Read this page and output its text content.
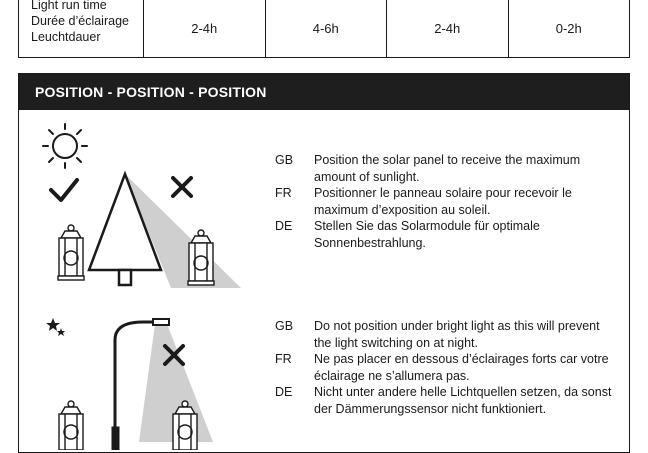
Light run time
Durée d’éclairage
Leuchtdauer
2-4h	4-6h	2-4h	0-2h
POSITION - POSITION - POSITION
GB	Position the solar panel to receive the maximum amount of sunlight.
FR	Positionner le panneau solaire pour recevoir le maximum d’exposition au soleil.
DE	Stellen Sie das Solarmodule für optimale Sonnenbestrahlung.
GB	Do not position under bright light as this will prevent the light switching on at night.
FR	Ne pas placer en dessous d’éclairages forts car votre éclairage ne s’allumera pas.
DE	Nicht unter andere helle Lichtquellen setzen, da sonst der Dämmerungssensor nicht funktioniert.
